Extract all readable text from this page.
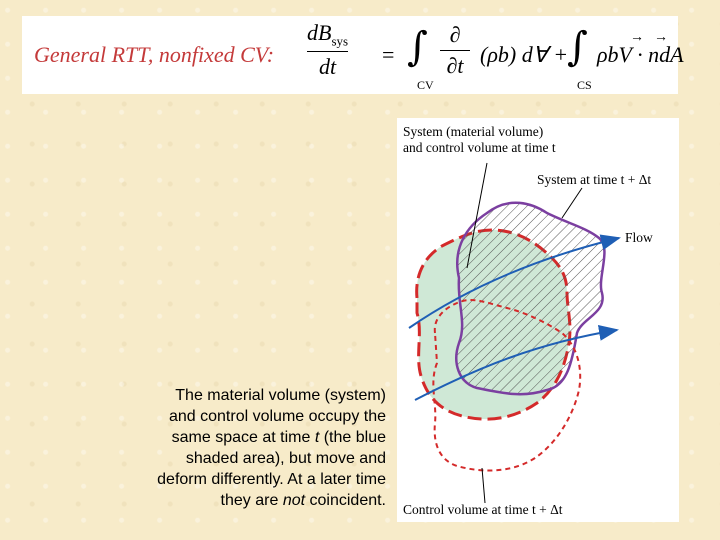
General RTT, nonfixed CV:
$dB_{sys}$
dt	= ∫
CV
∂
∂t (ρb) d∀ +
∫
CS
ρbV · ndA
→ →
The material volume (system)
and control volume occupy the
same space at time t (the blue
shaded area), but move and
deform differently. At a later time
they are not coincident.
System (material volume)
and control volume at time t
System at time t + Δt
Flow
Control volume at time t + Δt
